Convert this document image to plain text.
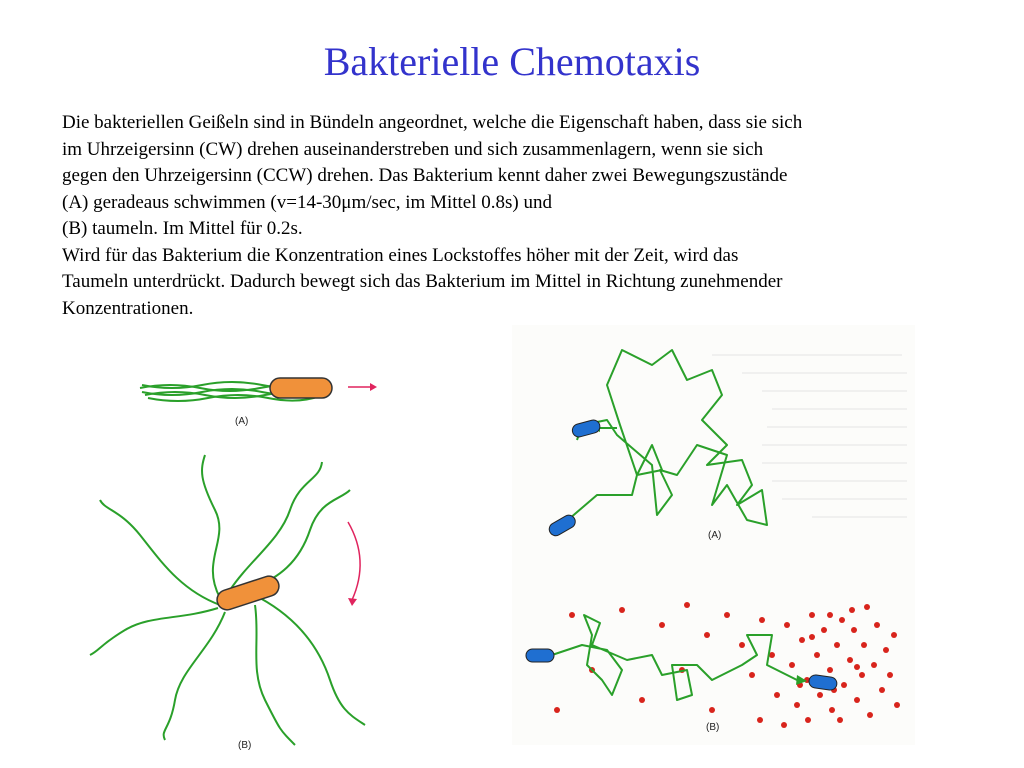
Bakterielle Chemotaxis
Die bakteriellen Geißeln sind in Bündeln angeordnet, welche die Eigenschaft haben, dass sie sich
im Uhrzeigersinn (CW) drehen auseinanderstreben und sich zusammenlagern, wenn sie sich
gegen den Uhrzeigersinn (CCW) drehen. Das Bakterium kennt daher zwei Bewegungszustände
(A) geradeaus schwimmen (v=14-30μm/sec, im Mittel 0.8s) und
(B) taumeln. Im Mittel für 0.2s.
Wird für das Bakterium die Konzentration eines Lockstoffes höher mit der Zeit, wird das
Taumeln unterdrückt. Dadurch bewegt sich das Bakterium im Mittel in Richtung zunehmender
Konzentrationen.
(A)
(B)
(A)
(B)
